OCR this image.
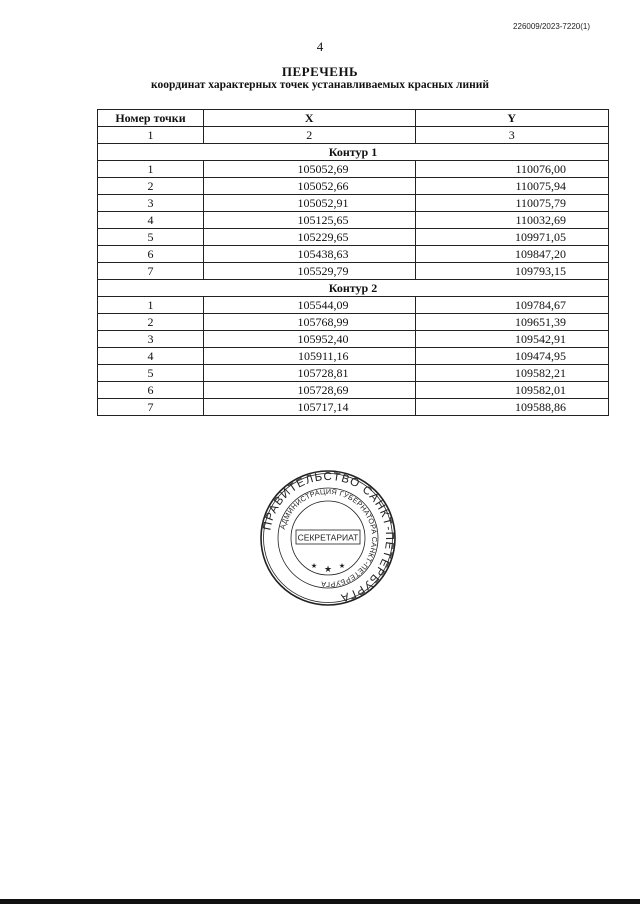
226009/2023-7220(1)
4
ПЕРЕЧЕНЬ
координат характерных точек устанавливаемых красных линий
Номер точки	X	Y
1	2	3
Контур 1		
1	105052,69	110076,00
2	105052,66	110075,94
3	105052,91	110075,79
4	105125,65	110032,69
5	105229,65	109971,05
6	105438,63	109847,20
7	105529,79	109793,15
Контур 2		
1	105544,09	109784,67
2	105768,99	109651,39
3	105952,40	109542,91
4	105911,16	109474,95
5	105728,81	109582,21
6	105728,69	109582,01
7	105717,14	109588,86
ПРАВИТЕЛЬСТВО САНКТ-ПЕТЕРБУРГА
АДМИНИСТРАЦИЯ ГУБЕРНАТОРА САНКТ-ПЕТЕРБУРГА
СЕКРЕТАРИАТ
★
★	★
